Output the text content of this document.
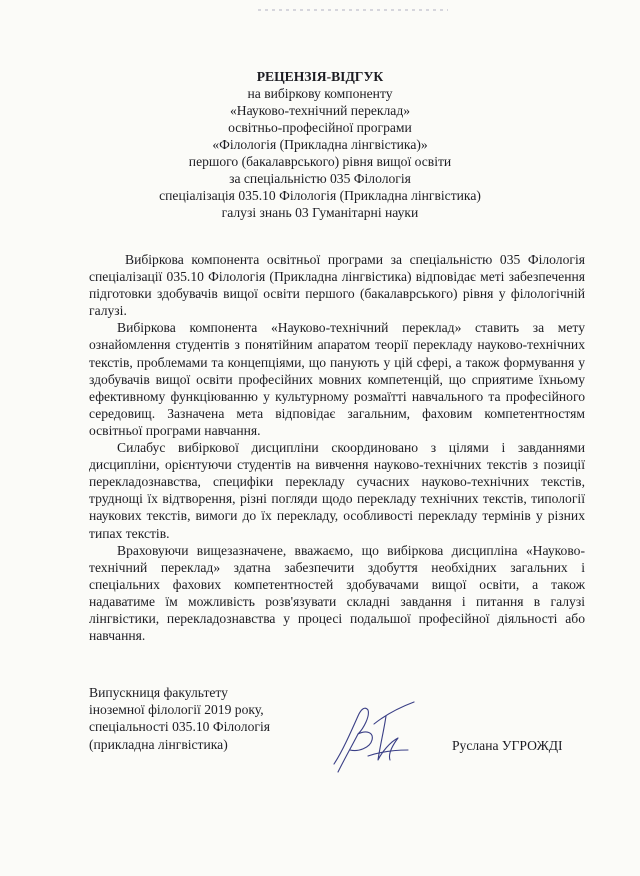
РЕЦЕНЗІЯ-ВІДГУК
на вибіркову компоненту
«Науково-технічний переклад»
освітньо-професійної програми
«Філологія (Прикладна лінгвістика)»
першого (бакалаврського) рівня вищої освіти
за спеціальністю 035 Філологія
спеціалізація 035.10 Філологія (Прикладна лінгвістика)
галузі знань 03 Гуманітарні науки

Вибіркова компонента освітньої програми за спеціальністю 035 Філологія спеціалізації 035.10 Філологія (Прикладна лінгвістика) відповідає меті забезпечення підготовки здобувачів вищої освіти першого (бакалаврського) рівня у філологічній галузі.

Вибіркова компонента «Науково-технічний переклад» ставить за мету ознайомлення студентів з понятійним апаратом теорії перекладу науково-технічних текстів, проблемами та концепціями, що панують у цій сфері, а також формування у здобувачів вищої освіти професійних мовних компетенцій, що сприятиме їхньому ефективному функціюванню у культурному розмаїтті навчального та професійного середовищ. Зазначена мета відповідає загальним, фаховим компетентностям освітньої програми навчання.

Силабус вибіркової дисципліни скоординовано з цілями і завданнями дисципліни, орієнтуючи студентів на вивчення науково-технічних текстів з позиції перекладознавства, специфіки перекладу сучасних науково-технічних текстів, труднощі їх відтворення, різні погляди щодо перекладу технічних текстів, типології наукових текстів, вимоги до їх перекладу, особливості перекладу термінів у різних типах текстів.

Враховуючи вищезазначене, вважаємо, що вибіркова дисципліна «Науково-технічний переклад» здатна забезпечити здобуття необхідних загальних і спеціальних фахових компетентностей здобувачами вищої освіти, а також надаватиме їм можливість розв'язувати складні завдання і питання в галузі лінгвістики, перекладознавства у процесі подальшої професійної діяльності або навчання.

Випускниця факультету
іноземної філології 2019 року,
спеціальності 035.10 Філологія
(прикладна лінгвістика)	Руслана УГРОЖДІ
